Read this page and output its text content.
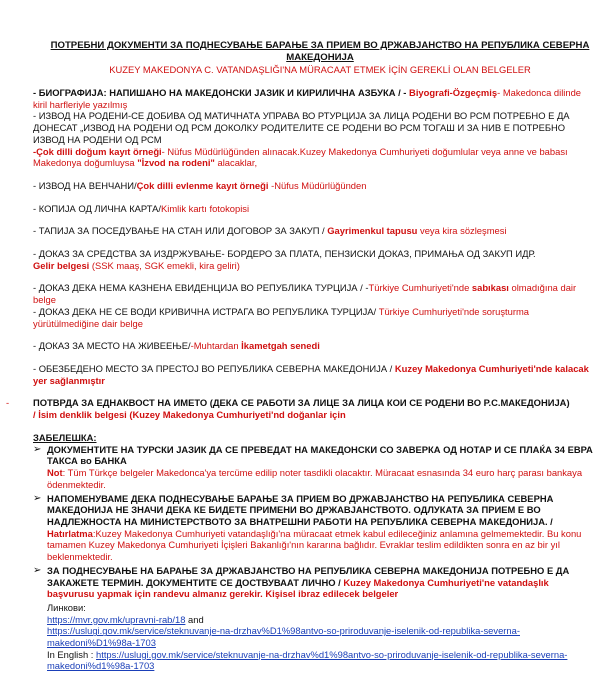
ПОТРЕБНИ ДОКУМЕНТИ ЗА ПОДНЕСУВАЊЕ БАРАЊЕ ЗА ПРИЕМ ВО ДРЖАВЈАНСТВО НА РЕПУБЛИКА СЕВЕРНА МАКЕДОНИЈА
KUZEY MAKEDONYA C. VATANDAŞLIĞI'NA MÜRACAAT ETMEK İÇİN GEREKLİ OLAN BELGELER
- БИОГРАФИЈА: НАПИШАНО НА МАКЕДОНСКИ ЈАЗИК И КИРИЛИЧНА АЗБУКА / - Biyografi-Özgeçmiş- Makedonca dilinde kiril harfleriyle yazılmış
- ИЗВОД НА РОДЕНИ-СЕ ДОБИВА ОД МАТИЧНАТА УПРАВА ВО РТУРЦИЈА ЗА ЛИЦА РОДЕНИ ВО РСМ ПОТРЕБНО Е ДА ДОНЕСАТ „ИЗВОД НА РОДЕНИ ОД РСМ ДОКОЛКУ РОДИТЕЛИТЕ СЕ РОДЕНИ ВО РСМ ТОГАШ И ЗА НИВ Е ПОТРЕБНО ИЗВОД НА РОДЕНИ ОД РСМ
-Çok dilli doğum kayıt örneği- Nüfus Müdürlüğünden alınacak.Kuzey Makedonya Cumhuriyeti doğumlular veya anne ve babası Makedonya doğumluysa "İzvod na rodeni" alacaklar,
- ИЗВОД НА ВЕНЧАНИ/Çok dilli evlenme kayıt örneği -Nüfus Müdürlüğünden
- КОПИЈА ОД ЛИЧНА КАРТА/Kimlik kartı fotokopisi
- ТАПИЈА ЗА ПОСЕДУВАЊЕ НА СТАН ИЛИ ДОГОВОР ЗА ЗАКУП / Gayrimenkul tapusu veya kira sözleşmesi
- ДОКАЗ ЗА СРЕДСТВА ЗА ИЗДРЖУВАЊЕ- БОРДЕРО ЗА ПЛАТА, ПЕНЗИСКИ ДОКАЗ, ПРИМАЊА ОД ЗАКУП ИДР.
Gelir belgesi (SSK maaş, SGK emekli, kira geliri)
- ДОКАЗ ДЕКА НЕМА КАЗНЕНА ЕВИДЕНЦИЈА ВО РЕПУБЛИКА ТУРЦИЈА / -Türkiye Cumhuriyeti'nde sabıkası olmadığına dair belge
- ДОКАЗ ДЕКА НЕ СЕ ВОДИ КРИВИЧНА ИСТРАГА ВО РЕПУБЛИКА ТУРЦИЈА/ Türkiye Cumhuriyeti'nde soruşturma yürütülmediğine dair belge
- ДОКАЗ ЗА МЕСТО НА ЖИВЕЕЊЕ/-Muhtardan İkametgah senedi
- ОБЕЗБЕДЕНО МЕСТО ЗА ПРЕСТОЈ ВО РЕПУБЛИКА СЕВЕРНА МАКЕДОНИЈА / Kuzey Makedonya Cumhuriyeti'nde kalacak yer sağlanmıştır
-	ПОТВРДА ЗА ЕДНАКВОСТ НА ИМЕТО (ДЕКА СЕ РАБОТИ ЗА ЛИЦЕ ЗА ЛИЦА КОИ СЕ РОДЕНИ ВО Р.С.МАКЕДОНИЈА)
/ İsim denklik belgesi (Kuzey Makedonya Cumhuriyeti'nd doğanlar için
ЗАБЕЛЕШКА:
➢ ДОКУМЕНТИТЕ НА ТУРСКИ ЈАЗИК ДА СЕ ПРЕВЕДАТ НА МАКЕДОНСКИ СО ЗАВЕРКА ОД НОТАР И СЕ ПЛАЌА 34 ЕВРА ТАКСА во БАНКА
Not: Tüm Türkçe belgeler Makedonca'ya tercüme edilip noter tasdikli olacaktır. Müracaat esnasında 34 euro harç parası bankaya ödenmektedir.
➢ НАПОМЕНУВАМЕ ДЕКА ПОДНЕСУВАЊЕ БАРАЊЕ ЗА ПРИЕМ ВО ДРЖАВЈАНСТВО НА РЕПУБЛИКА СЕВЕРНА МАКЕДОНИЈА НЕ ЗНАЧИ ДЕКА КЕ БИДЕТЕ ПРИМЕНИ ВО ДРЖАВЈАНСТВОТО. ОДЛУКАТА ЗА ПРИЕМ Е ВО НАДЛЕЖНОСТА НА МИНИСТЕРСТВОТО ЗА ВНАТРЕШНИ РАБОТИ НА РЕПУБЛИКА СЕВЕРНА МАКЕДОНИЈА. /
Hatırlatma:Kuzey Makedonya Cumhuriyeti vatandaşlığı'na müracaat etmek kabul edileceğiniz anlamına gelmemektedir. Bu konu tamamen Kuzey Makedonya Cumhuriyeti İçişleri Bakanlığı'nın kararına bağlıdır. Evraklar teslim edildikten sonra en az bir yıl beklenmektedir.
➢ ЗА ПОДНЕСУВАЊЕ НА БАРАЊЕ ЗА ДРЖАВЈАНСТВО НА РЕПУБЛИКА СЕВЕРНА МАКЕДОНИЈА ПОТРЕБНО Е ДА ЗАКАЖЕТЕ ТЕРМИН. ДОКУМЕНТИТЕ СЕ ДОСТВУВААТ ЛИЧНО / Kuzey Makedonya Cumhuriyeti'ne vatandaşlık başvurusu yapmak için randevu almanız gerekir. Kişisel ibraz edilecek belgeler
Линкови:
https://mvr.gov.mk/upravni-rab/18 and
https://uslugi.gov.mk/service/steknuvanje-na-drzhav%D1%98antvo-so-priroduvanje-iselenik-od-republika-severna-makedoni%D1%98a-1703
In English : https://uslugi.gov.mk/service/steknuvanje-na-drzhav%d1%98antvo-so-priroduvanje-iselenik-od-republika-severna-makedoni%d1%98a-1703
